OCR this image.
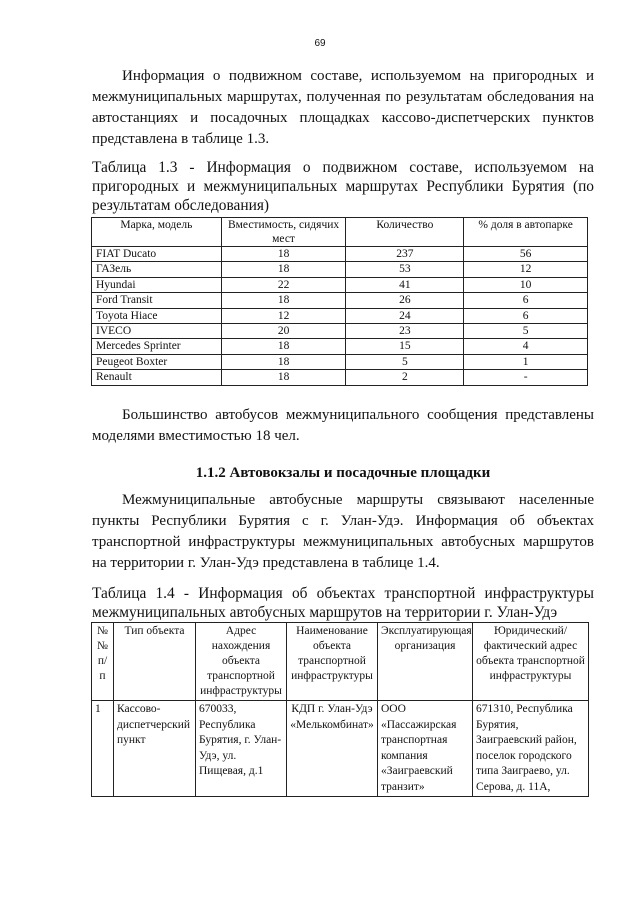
69

Информация о подвижном составе, используемом на пригородных и межмуниципальных маршрутах, полученная по результатам обследования на автостанциях и посадочных площадках кассово-диспетчерских пунктов представлена в таблице 1.3.

Таблица 1.3 - Информация о подвижном составе, используемом на пригородных и межмуниципальных маршрутах Республики Бурятия (по результатам обследования)

Марка, модель	Вместимость, сидячих мест	Количество	% доля в автопарке
FIAT Ducato	18	237	56
ГАЗель	18	53	12
Hyundai	22	41	10
Ford Transit	18	26	6
Toyota Hiace	12	24	6
IVECO	20	23	5
Mercedes Sprinter	18	15	4
Peugeot Boxter	18	5	1
Renault	18	2	-

Большинство автобусов межмуниципального сообщения представлены моделями вместимостью 18 чел.

1.1.2 Автовокзалы и посадочные площадки

Межмуниципальные автобусные маршруты связывают населенные пункты Республики Бурятия с г. Улан-Удэ. Информация об объектах транспортной инфраструктуры межмуниципальных автобусных маршрутов на территории г. Улан-Удэ представлена в таблице 1.4.

Таблица 1.4 - Информация об объектах транспортной инфраструктуры межмуниципальных автобусных маршрутов на территории г. Улан-Удэ

№ № п/п	Тип объекта	Адрес нахождения объекта транспортной инфраструктуры	Наименование объекта транспортной инфраструктуры	Эксплуатирующая организация	Юридический/ фактический адрес объекта транспортной инфраструктуры
1	Кассово-диспетчерский пункт	670033, Республика Бурятия, г. Улан-Удэ, ул. Пищевая, д.1	КДП г. Улан-Удэ «Мелькомбинат»	ООО «Пассажирская транспортная компания «Заиграевский транзит»	671310, Республика Бурятия, Заиграевский район, поселок городского типа Заиграево, ул. Серова, д. 11А,
